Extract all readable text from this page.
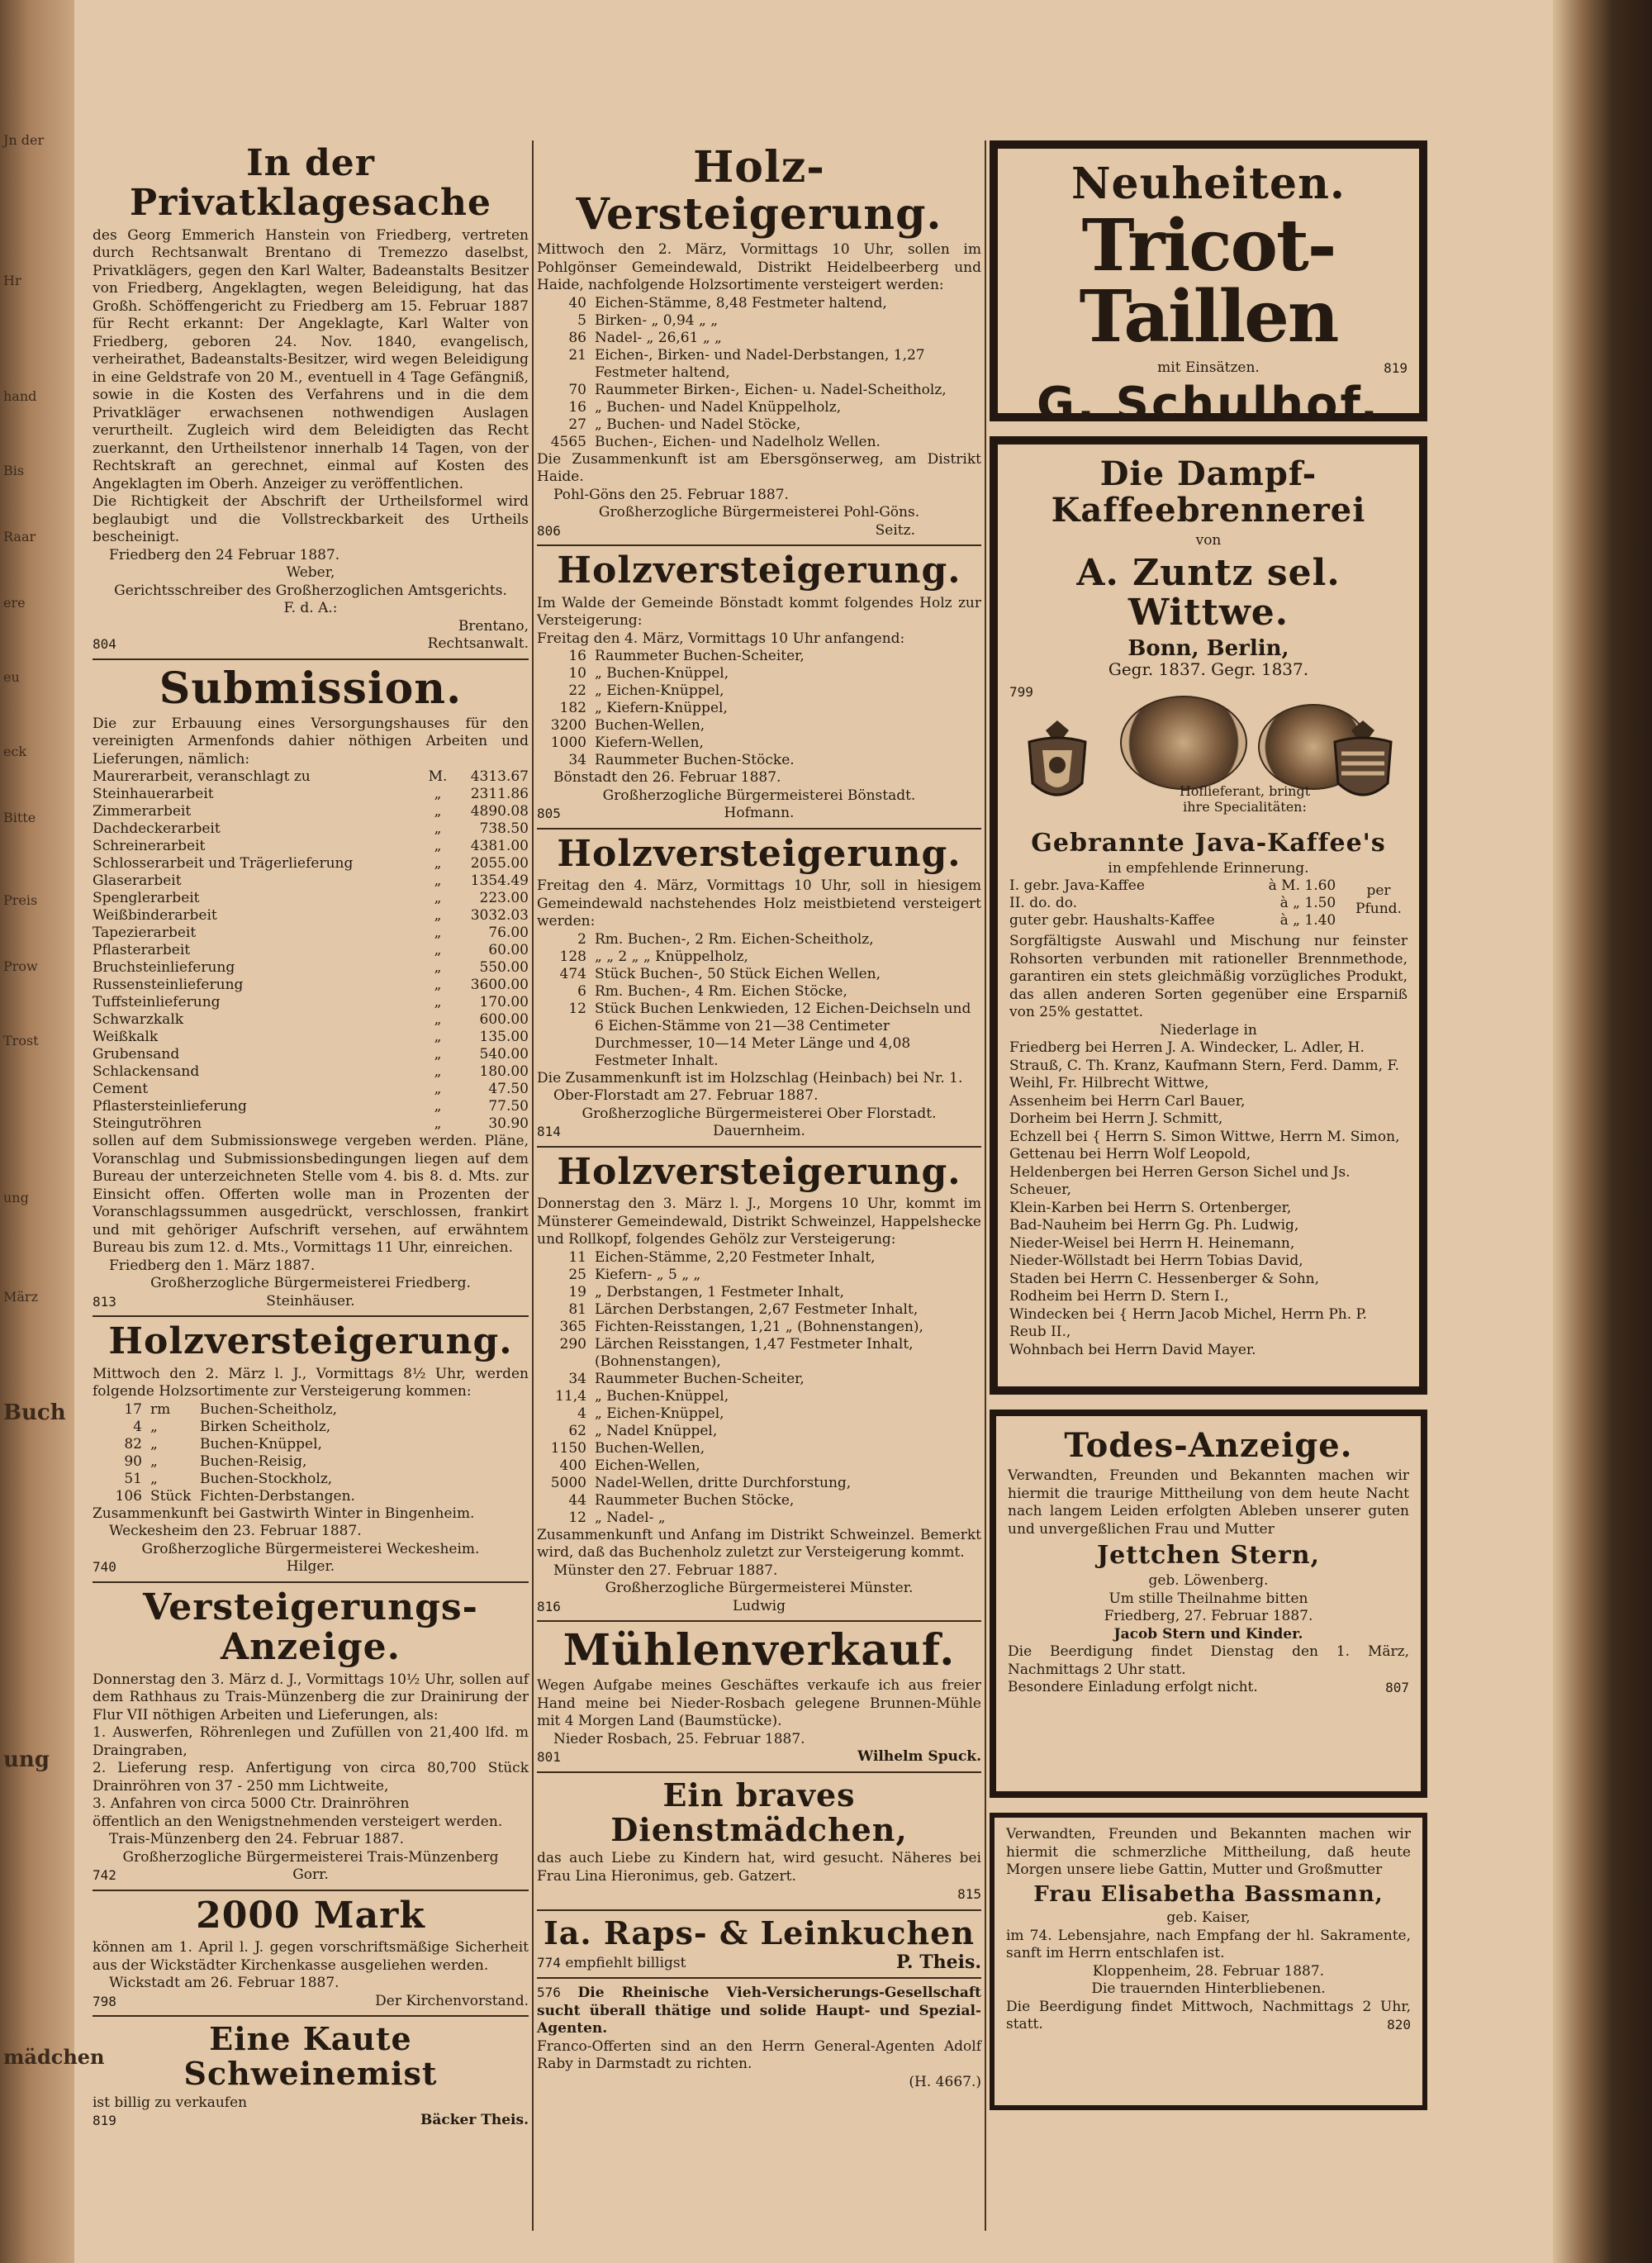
Jn der
Hr
hand
Bis
Raar
ere
eu
eck
Bitte
Preis
Prow
Trost
ung
März
Buch
ung
mädchen
In der Privatklagesache

des Georg Emmerich Hanstein von Friedberg, vertreten durch Rechtsanwalt Brentano di Tremezzo daselbst, Privatklägers, gegen den Karl Walter, Badeanstalts Besitzer von Friedberg, Angeklagten, wegen Beleidigung, hat das Großh. Schöffengericht zu Friedberg am 15. Februar 1887 für Recht erkannt: Der Angeklagte, Karl Walter von Friedberg, geboren 24. Nov. 1840, evangelisch, verheirathet, Badeanstalts-Besitzer, wird wegen Beleidigung in eine Geldstrafe von 20 M., eventuell in 4 Tage Gefängniß, sowie in die Kosten des Verfahrens und in die dem Privatkläger erwachsenen nothwendigen Auslagen verurtheilt. Zugleich wird dem Beleidigten das Recht zuerkannt, den Urtheilstenor innerhalb 14 Tagen, von der Rechtskraft an gerechnet, einmal auf Kosten des Angeklagten im Oberh. Anzeiger zu veröffentlichen.

Die Richtigkeit der Abschrift der Urtheilsformel wird beglaubigt und die Vollstreckbarkeit des Urtheils bescheinigt.

Friedberg den 24 Februar 1887.

Weber,

Gerichtsschreiber des Großherzoglichen Amtsgerichts.

F. d. A.:

Brentano,

804	Rechtsanwalt.

Submission.

Die zur Erbauung eines Versorgungshauses für den vereinigten Armenfonds dahier nöthigen Arbeiten und Lieferungen, nämlich:

Maurerarbeit, veranschlagt zu	M.	4313.67
Steinhauerarbeit	„	2311.86
Zimmerarbeit	„	4890.08
Dachdeckerarbeit	„	738.50
Schreinerarbeit	„	4381.00
Schlosserarbeit und Trägerlieferung	„	2055.00
Glaserarbeit	„	1354.49
Spenglerarbeit	„	223.00
Weißbinderarbeit	„	3032.03
Tapezierarbeit	„	76.00
Pflasterarbeit	„	60.00
Bruchsteinlieferung	„	550.00
Russensteinlieferung	„	3600.00
Tuffsteinlieferung	„	170.00
Schwarzkalk	„	600.00
Weißkalk	„	135.00
Grubensand	„	540.00
Schlackensand	„	180.00
Cement	„	47.50
Pflastersteinlieferung	„	77.50
Steingutröhren	„	30.90

sollen auf dem Submissionswege vergeben werden. Pläne, Voranschlag und Submissionsbedingungen liegen auf dem Bureau der unterzeichneten Stelle vom 4. bis 8. d. Mts. zur Einsicht offen. Offerten wolle man in Prozenten der Voranschlagssummen ausgedrückt, verschlossen, frankirt und mit gehöriger Aufschrift versehen, auf erwähntem Bureau bis zum 12. d. Mts., Vormittags 11 Uhr, einreichen.

Friedberg den 1. März 1887.

Großherzogliche Bürgermeisterei Friedberg.

813	Steinhäuser.

Holzversteigerung.

Mittwoch den 2. März l. J., Vormittags 8½ Uhr, werden folgende Holzsortimente zur Versteigerung kommen:

17	rm	Buchen-Scheitholz,
4	„	Birken Scheitholz,
82	„	Buchen-Knüppel,
90	„	Buchen-Reisig,
51	„	Buchen-Stockholz,
106	Stück	Fichten-Derbstangen.

Zusammenkunft bei Gastwirth Winter in Bingenheim.

Weckesheim den 23. Februar 1887.

Großherzogliche Bürgermeisterei Weckesheim.

740	Hilger.

Versteigerungs-Anzeige.

Donnerstag den 3. März d. J., Vormittags 10½ Uhr, sollen auf dem Rathhaus zu Trais-Münzenberg die zur Drainirung der Flur VII nöthigen Arbeiten und Lieferungen, als:

1. Auswerfen, Röhrenlegen und Zufüllen von 21,400 lfd. m Draingraben,

2. Lieferung resp. Anfertigung von circa 80,700 Stück Drainröhren von 37 - 250 mm Lichtweite,

3. Anfahren von circa 5000 Ctr. Drainröhren

öffentlich an den Wenigstnehmenden versteigert werden.

Trais-Münzenberg den 24. Februar 1887.

Großherzogliche Bürgermeisterei Trais-Münzenberg

742	Gorr.

2000 Mark

können am 1. April l. J. gegen vorschriftsmäßige Sicherheit aus der Wickstädter Kirchenkasse ausgeliehen werden.

Wickstadt am 26. Februar 1887.

798	Der Kirchenvorstand.

Eine Kaute Schweinemist

ist billig zu verkaufen

819	Bäcker Theis.

Holz-Versteigerung.

Mittwoch den 2. März, Vormittags 10 Uhr, sollen im Pohlgönser Gemeindewald, Distrikt Heidelbeerberg und Haide, nachfolgende Holzsortimente versteigert werden:

40	Eichen-Stämme, 8,48 Festmeter haltend,
5	Birken- „ 0,94 „ „
86	Nadel- „ 26,61 „ „
21	Eichen-, Birken- und Nadel-Derbstangen, 1,27 Festmeter haltend,
70	Raummeter Birken-, Eichen- u. Nadel-Scheitholz,
16	„ Buchen- und Nadel Knüppelholz,
27	„ Buchen- und Nadel Stöcke,
4565	Buchen-, Eichen- und Nadelholz Wellen.

Die Zusammenkunft ist am Ebersgönserweg, am Distrikt Haide.

Pohl-Göns den 25. Februar 1887.

Großherzogliche Bürgermeisterei Pohl-Göns.

806	Seitz.

Holzversteigerung.

Im Walde der Gemeinde Bönstadt kommt folgendes Holz zur Versteigerung:

Freitag den 4. März, Vormittags 10 Uhr anfangend:

16	Raummeter Buchen-Scheiter,
10	„ Buchen-Knüppel,
22	„ Eichen-Knüppel,
182	„ Kiefern-Knüppel,
3200	Buchen-Wellen,
1000	Kiefern-Wellen,
34	Raummeter Buchen-Stöcke.

Bönstadt den 26. Februar 1887.

Großherzogliche Bürgermeisterei Bönstadt.

805	Hofmann.

Holzversteigerung.

Freitag den 4. März, Vormittags 10 Uhr, soll in hiesigem Gemeindewald nachstehendes Holz meistbietend versteigert werden:

2	Rm. Buchen-, 2 Rm. Eichen-Scheitholz,
128	„ „ 2 „ „ Knüppelholz,
474	Stück Buchen-, 50 Stück Eichen Wellen,
6	Rm. Buchen-, 4 Rm. Eichen Stöcke,
12	Stück Buchen Lenkwieden, 12 Eichen-Deichseln und 6 Eichen-Stämme von 21—38 Centimeter Durchmesser, 10—14 Meter Länge und 4,08 Festmeter Inhalt.

Die Zusammenkunft ist im Holzschlag (Heinbach) bei Nr. 1.

Ober-Florstadt am 27. Februar 1887.

Großherzogliche Bürgermeisterei Ober Florstadt.

814	Dauernheim.

Holzversteigerung.

Donnerstag den 3. März l. J., Morgens 10 Uhr, kommt im Münsterer Gemeindewald, Distrikt Schweinzel, Happelshecke und Rollkopf, folgendes Gehölz zur Versteigerung:

11	Eichen-Stämme, 2,20 Festmeter Inhalt,
25	Kiefern- „ 5 „ „
19	„ Derbstangen, 1 Festmeter Inhalt,
81	Lärchen Derbstangen, 2,67 Festmeter Inhalt,
365	Fichten-Reisstangen, 1,21 „ (Bohnenstangen),
290	Lärchen Reisstangen, 1,47 Festmeter Inhalt, (Bohnenstangen),
34	Raummeter Buchen-Scheiter,
11,4	„ Buchen-Knüppel,
4	„ Eichen-Knüppel,
62	„ Nadel Knüppel,
1150	Buchen-Wellen,
400	Eichen-Wellen,
5000	Nadel-Wellen, dritte Durchforstung,
44	Raummeter Buchen Stöcke,
12	„ Nadel- „

Zusammenkunft und Anfang im Distrikt Schweinzel. Bemerkt wird, daß das Buchenholz zuletzt zur Versteigerung kommt.

Münster den 27. Februar 1887.

Großherzogliche Bürgermeisterei Münster.

816	Ludwig

Mühlenverkauf.

Wegen Aufgabe meines Geschäftes verkaufe ich aus freier Hand meine bei Nieder-Rosbach gelegene Brunnen-Mühle mit 4 Morgen Land (Baumstücke).

Nieder Rosbach, 25. Februar 1887.

801	Wilhelm Spuck.

Ein braves Dienstmädchen,

das auch Liebe zu Kindern hat, wird gesucht. Näheres bei Frau Lina Hieronimus, geb. Gatzert.

815

Ia. Raps- & Leinkuchen

774 empfiehlt billigst	P. Theis.

576 Die Rheinische Vieh-Versicherungs-Gesellschaft sucht überall thätige und solide Haupt- und Spezial-Agenten.

Franco-Offerten sind an den Herrn General-Agenten Adolf Raby in Darmstadt zu richten.

(H. 4667.)

Neuheiten.
Tricot-Taillen
mit Einsätzen.	819
G. Schulhof.
Die Dampf-Kaffeebrennerei
von
A. Zuntz sel. Wittwe.
Bonn, Berlin,
Gegr. 1837. Gegr. 1837.
799

Hoflieferant, bringt ihre Specialitäten:
Gebrannte Java-Kaffee's
in empfehlende Erinnerung.
I. gebr. Java-Kaffee	à M. 1.60
II. do. do.	à „ 1.50
guter gebr. Haushalts-Kaffee	à „ 1.40
per Pfund.

Sorgfältigste Auswahl und Mischung nur feinster Rohsorten verbunden mit rationeller Brennmethode, garantiren ein stets gleichmäßig vorzügliches Produkt, das allen anderen Sorten gegenüber eine Ersparniß von 25% gestattet.

Niederlage in

Friedberg bei Herren J. A. Windecker, L. Adler, H. Strauß, C. Th. Kranz, Kaufmann Stern, Ferd. Damm, F. Weihl, Fr. Hilbrecht Wittwe,

Assenheim bei Herrn Carl Bauer,

Dorheim bei Herrn J. Schmitt,

Echzell bei { Herrn S. Simon Wittwe, Herrn M. Simon,

Gettenau bei Herrn Wolf Leopold,

Heldenbergen bei Herren Gerson Sichel und Js. Scheuer,

Klein-Karben bei Herrn S. Ortenberger,

Bad-Nauheim bei Herrn Gg. Ph. Ludwig,

Nieder-Weisel bei Herrn H. Heinemann,

Nieder-Wöllstadt bei Herrn Tobias David,

Staden bei Herrn C. Hessenberger & Sohn,

Rodheim bei Herrn D. Stern I.,

Windecken bei { Herrn Jacob Michel, Herrn Ph. P. Reub II.,

Wohnbach bei Herrn David Mayer.

Todes-Anzeige.

Verwandten, Freunden und Bekannten machen wir hiermit die traurige Mittheilung von dem heute Nacht nach langem Leiden erfolgten Ableben unserer guten und unvergeßlichen Frau und Mutter

Jettchen Stern,

geb. Löwenberg.

Um stille Theilnahme bitten

Friedberg, 27. Februar 1887.

Jacob Stern und Kinder.

Die Beerdigung findet Dienstag den 1. März, Nachmittags 2 Uhr statt.

Besondere Einladung erfolgt nicht.	807

Verwandten, Freunden und Bekannten machen wir hiermit die schmerzliche Mittheilung, daß heute Morgen unsere liebe Gattin, Mutter und Großmutter

Frau Elisabetha Bassmann,

geb. Kaiser,

im 74. Lebensjahre, nach Empfang der hl. Sakramente, sanft im Herrn entschlafen ist.

Kloppenheim, 28. Februar 1887.

Die trauernden Hinterbliebenen.

Die Beerdigung findet Mittwoch, Nachmittags 2 Uhr, statt.	820
